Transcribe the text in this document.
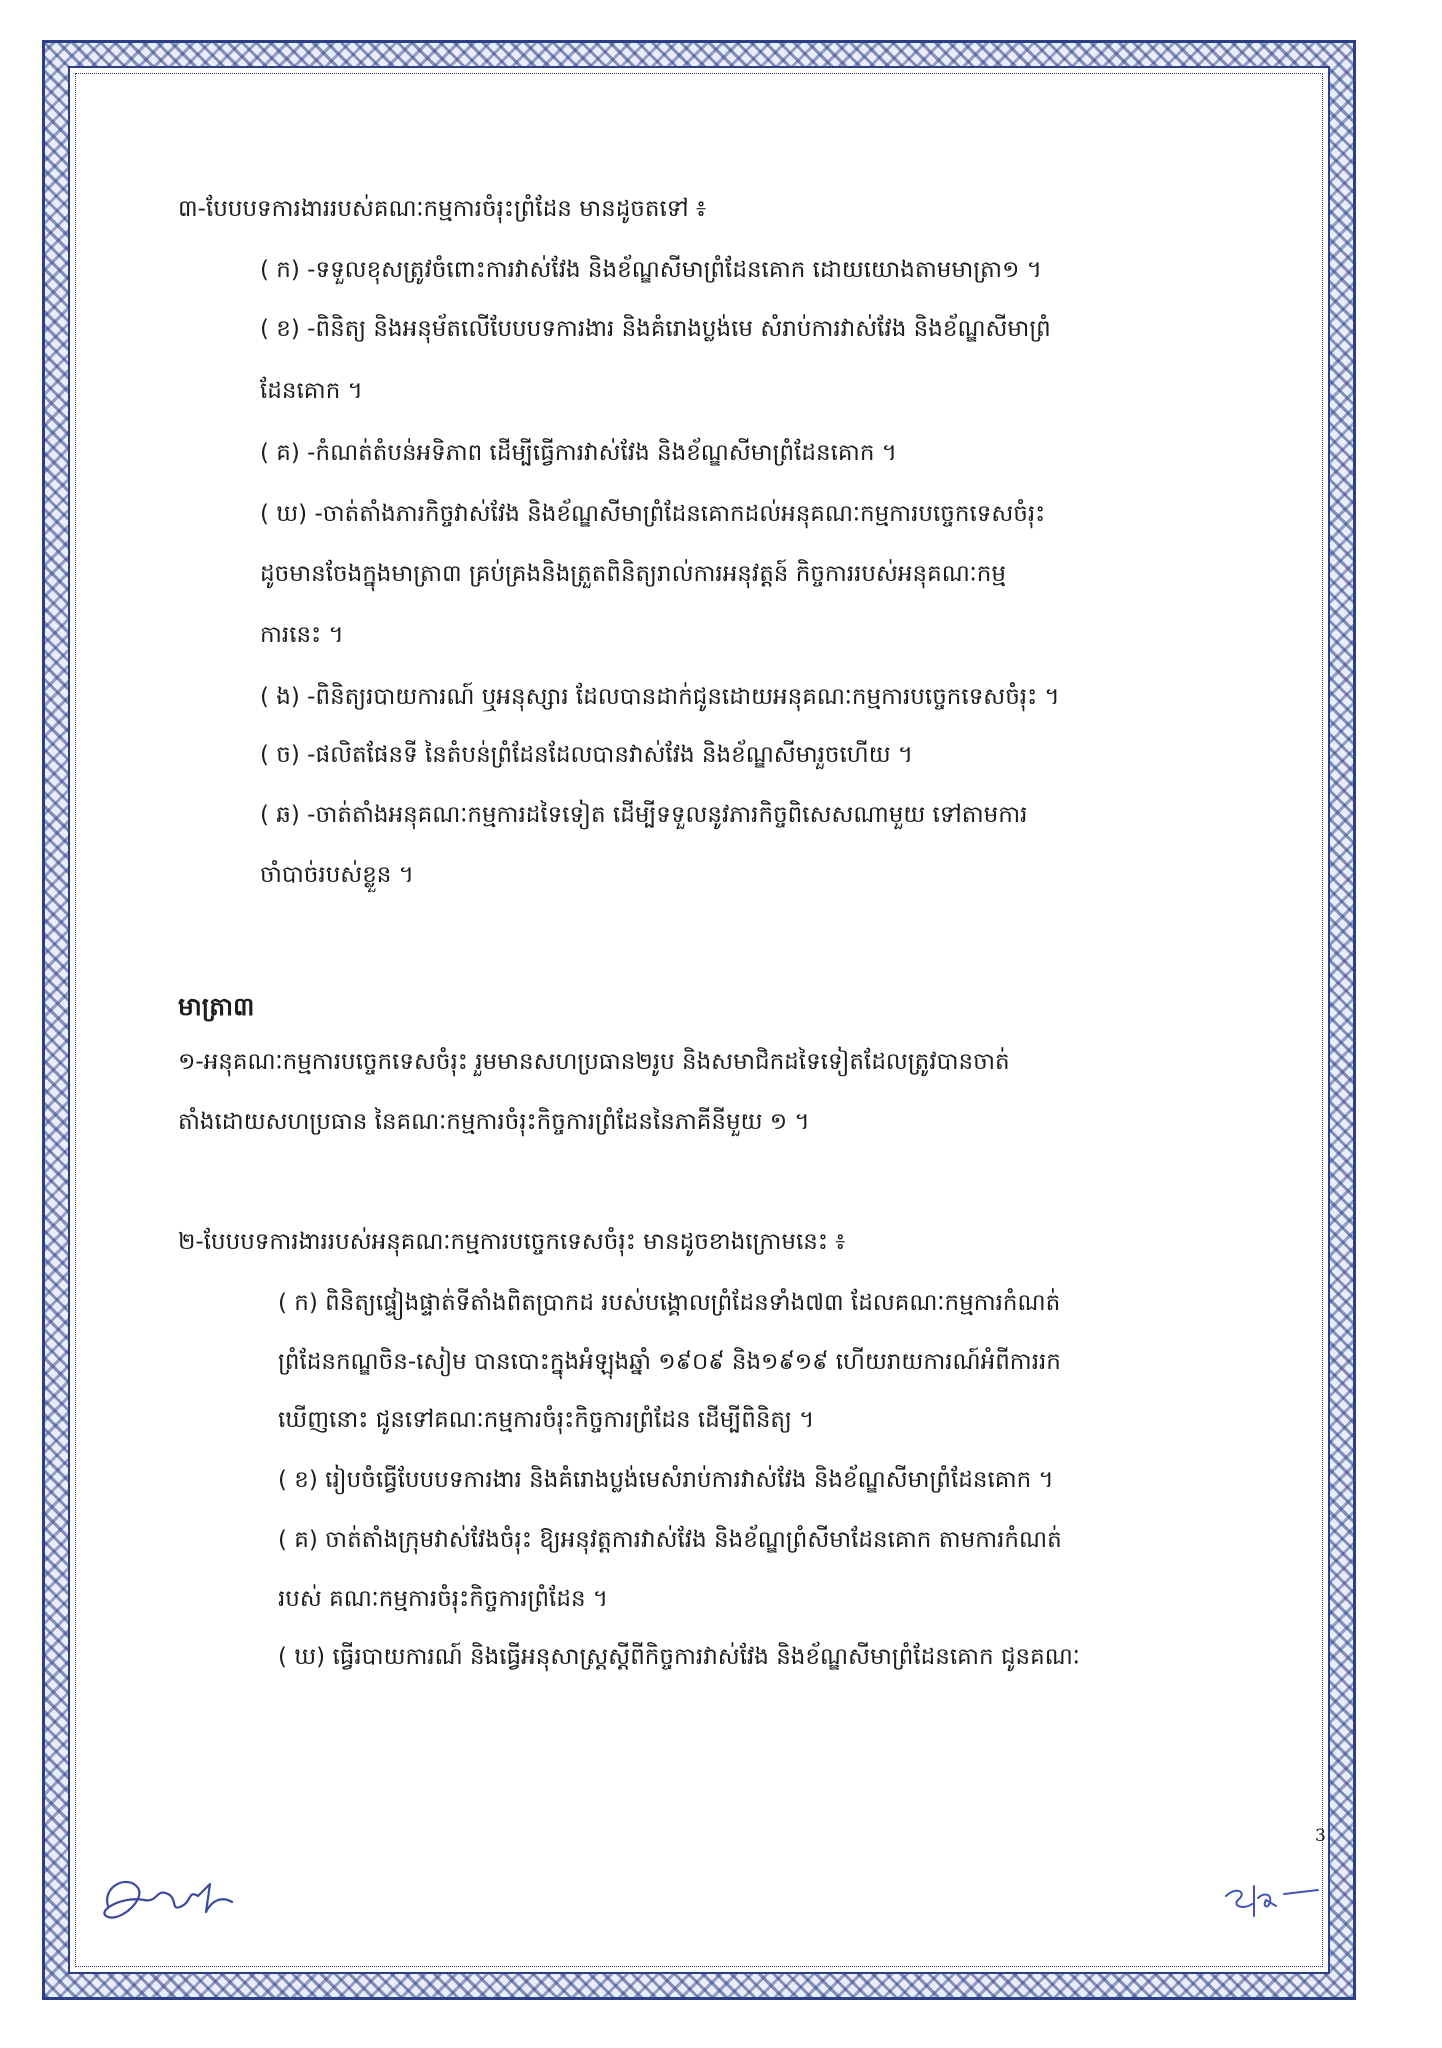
៣-បែបបទការងាររបស់គណៈកម្មការចំរុះព្រំដែន មានដូចតទៅ ៖

( ក) -ទទួលខុសត្រូវចំពោះការវាស់វែង និងខ័ណ្ឌសីមាព្រំដែនគោក ដោយយោងតាមមាត្រា១ ។

( ខ) -ពិនិត្យ និងអនុម័តលើបែបបទការងារ និងគំរោងប្លង់មេ សំរាប់ការវាស់វែង និងខ័ណ្ឌសីមាព្រំ

ដែនគោក ។

( គ) -កំណត់តំបន់អទិភាព ដើម្បីធ្វើការវាស់វែង និងខ័ណ្ឌសីមាព្រំដែនគោក ។

( ឃ) -ចាត់តាំងភារកិច្ចវាស់វែង និងខ័ណ្ឌសីមាព្រំដែនគោកដល់អនុគណៈកម្មការបច្ចេកទេសចំរុះ

ដូចមានចែងក្នុងមាត្រា៣ គ្រប់គ្រងនិងត្រួតពិនិត្យរាល់ការអនុវត្តន៍ កិច្ចការរបស់អនុគណៈកម្ម

ការនេះ ។

( ង) -ពិនិត្យរបាយការណ៍ ឬអនុស្សារ ដែលបានដាក់ជូនដោយអនុគណៈកម្មការបច្ចេកទេសចំរុះ ។

( ច) -ផលិតផែនទី នៃតំបន់ព្រំដែនដែលបានវាស់វែង និងខ័ណ្ឌសីមារួចហើយ ។

( ឆ) -ចាត់តាំងអនុគណៈកម្មការដទៃទៀត ដើម្បីទទួលនូវភារកិច្ចពិសេសណាមួយ ទៅតាមការ

ចាំបាច់របស់ខ្លួន ។

មាត្រា៣

១-អនុគណៈកម្មការបច្ចេកទេសចំរុះ រួមមានសហប្រធាន២រូប និងសមាជិកដទៃទៀតដែលត្រូវបានចាត់

តាំងដោយសហប្រធាន នៃគណៈកម្មការចំរុះកិច្ចការព្រំដែននៃភាគីនីមួយ ១ ។

២-បែបបទការងាររបស់អនុគណៈកម្មការបច្ចេកទេសចំរុះ មានដូចខាងក្រោមនេះ ៖

( ក) ពិនិត្យផ្ទៀងផ្ទាត់ទីតាំងពិតប្រាកដ របស់បង្គោលព្រំដែនទាំង៧៣ ដែលគណៈកម្មការកំណត់

ព្រំដែនកណ្ឌចិន-សៀម បានបោះក្នុងអំឡុងឆ្នាំ ១៩០៩ និង១៩១៩ ហើយរាយការណ៍អំពីការរក

ឃើញនោះ ជូនទៅគណៈកម្មការចំរុះកិច្ចការព្រំដែន ដើម្បីពិនិត្យ ។

( ខ) រៀបចំធ្វើបែបបទការងារ និងគំរោងប្លង់មេសំរាប់ការវាស់វែង និងខ័ណ្ឌសីមាព្រំដែនគោក ។

( គ) ចាត់តាំងក្រុមវាស់វែងចំរុះ ឱ្យអនុវត្តការវាស់វែង និងខ័ណ្ឌព្រំសីមាដែនគោក តាមការកំណត់

របស់ គណៈកម្មការចំរុះកិច្ចការព្រំដែន ។

( ឃ) ធ្វើរបាយការណ៍ និងធ្វើអនុសាស្ត្រស្តីពីកិច្ចការវាស់វែង និងខ័ណ្ឌសីមាព្រំដែនគោក ជូនគណៈ

3
